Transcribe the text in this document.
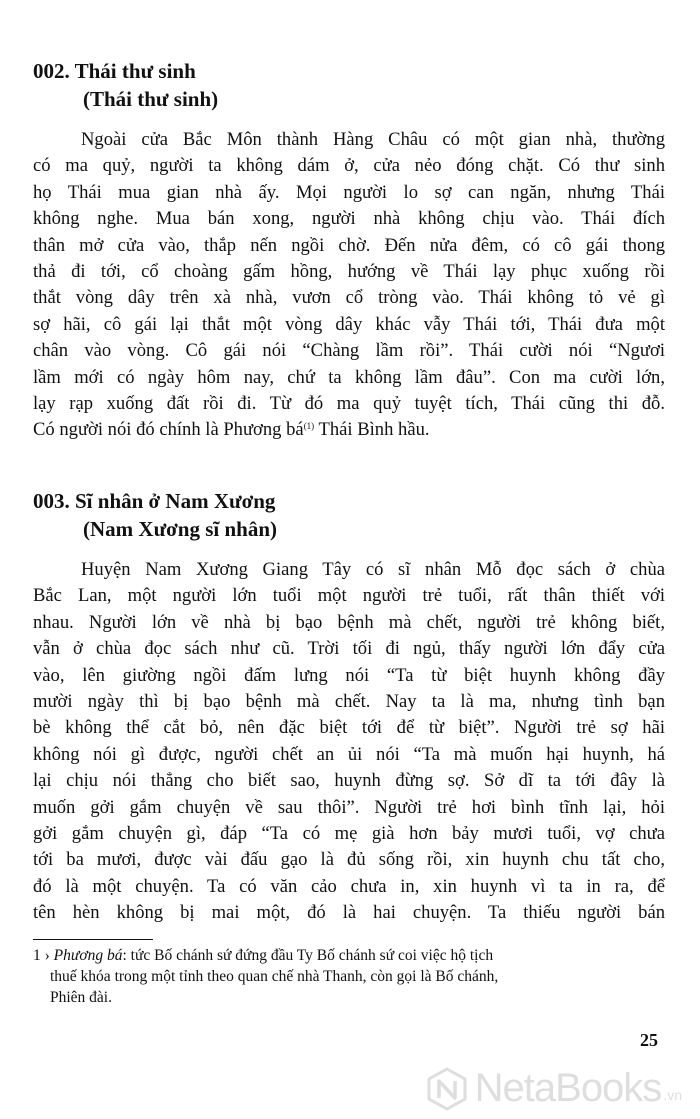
002. Thái thư sinh
(Thái thư sinh)
Ngoài cửa Bắc Môn thành Hàng Châu có một gian nhà, thường
có ma quỷ, người ta không dám ở, cửa nẻo đóng chặt. Có thư sinh
họ Thái mua gian nhà ấy. Mọi người lo sợ can ngăn, nhưng Thái
không nghe. Mua bán xong, người nhà không chịu vào. Thái đích
thân mở cửa vào, thắp nến ngồi chờ. Đến nửa đêm, có cô gái thong
thả đi tới, cổ choàng gấm hồng, hướng về Thái lạy phục xuống rồi
thắt vòng dây trên xà nhà, vươn cổ tròng vào. Thái không tỏ vẻ gì
sợ hãi, cô gái lại thắt một vòng dây khác vẫy Thái tới, Thái đưa một
chân vào vòng. Cô gái nói “Chàng lầm rồi”. Thái cười nói “Ngươi
lầm mới có ngày hôm nay, chứ ta không lầm đâu”. Con ma cười lớn,
lạy rạp xuống đất rồi đi. Từ đó ma quỷ tuyệt tích, Thái cũng thi đỗ.
Có người nói đó chính là Phương $bá^{(1)}$ Thái Bình hầu.
003. Sĩ nhân ở Nam Xương
(Nam Xương sĩ nhân)
Huyện Nam Xương Giang Tây có sĩ nhân Mỗ đọc sách ở chùa
Bắc Lan, một người lớn tuổi một người trẻ tuổi, rất thân thiết với
nhau. Người lớn về nhà bị bạo bệnh mà chết, người trẻ không biết,
vẫn ở chùa đọc sách như cũ. Trời tối đi ngủ, thấy người lớn đẩy cửa
vào, lên giường ngồi đấm lưng nói “Ta từ biệt huynh không đầy
mười ngày thì bị bạo bệnh mà chết. Nay ta là ma, nhưng tình bạn
bè không thể cắt bỏ, nên đặc biệt tới để từ biệt”. Người trẻ sợ hãi
không nói gì được, người chết an ủi nói “Ta mà muốn hại huynh, há
lại chịu nói thẳng cho biết sao, huynh đừng sợ. Sở dĩ ta tới đây là
muốn gởi gắm chuyện về sau thôi”. Người trẻ hơi bình tĩnh lại, hỏi
gởi gắm chuyện gì, đáp “Ta có mẹ già hơn bảy mươi tuổi, vợ chưa
tới ba mươi, được vài đấu gạo là đủ sống rồi, xin huynh chu tất cho,
đó là một chuyện. Ta có văn cảo chưa in, xin huynh vì ta in ra, để
tên hèn không bị mai một, đó là hai chuyện. Ta thiếu người bán
1 › Phương bá: tức Bố chánh sứ đứng đầu Ty Bố chánh sứ coi việc hộ tịch
thuế khóa trong một tỉnh theo quan chế nhà Thanh, còn gọi là Bố chánh,
Phiên đài.
25
NetaBooks .vn
